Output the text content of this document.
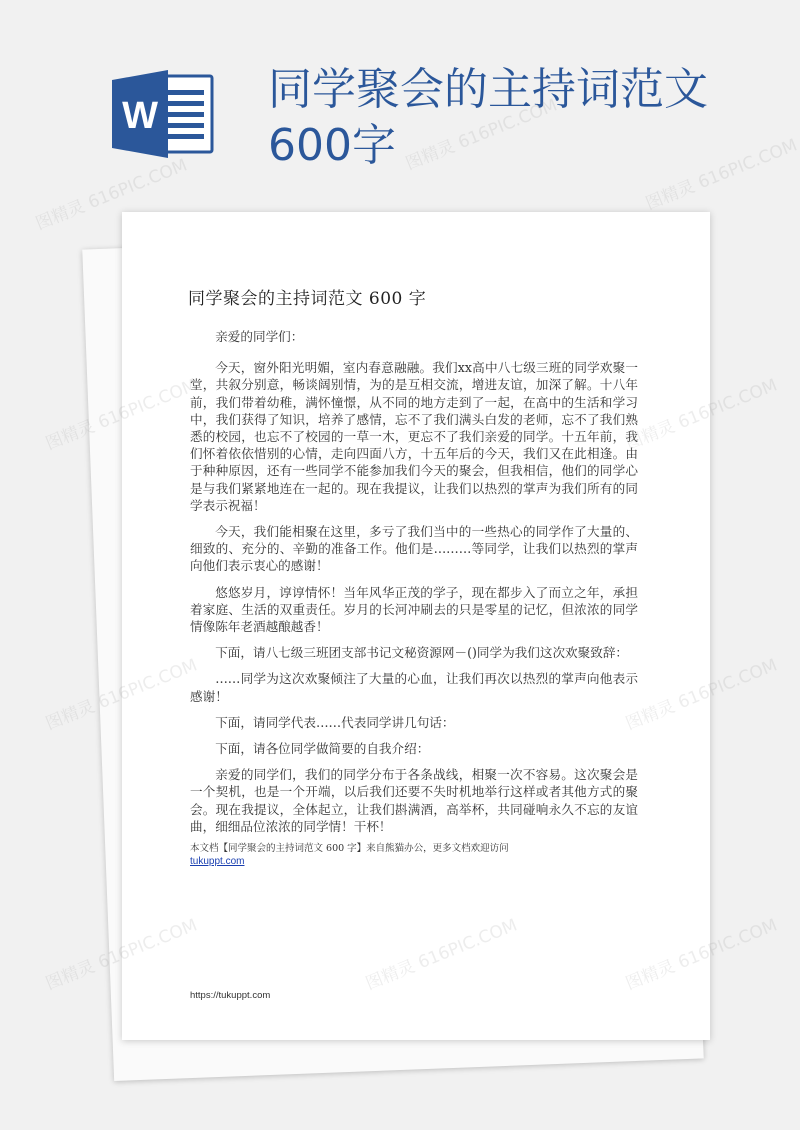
W
同学聚会的主持词范文
600字
同学聚会的主持词范文 600 字

亲爱的同学们：

今天，窗外阳光明媚，室内春意融融。我们xx高中八七级三班的同学欢聚一堂，共叙分别意，畅谈阔别情，为的是互相交流，增进友谊，加深了解。十八年前，我们带着幼稚，满怀憧憬，从不同的地方走到了一起，在高中的生活和学习中，我们获得了知识，培养了感情，忘不了我们满头白发的老师，忘不了我们熟悉的校园，也忘不了校园的一草一木，更忘不了我们亲爱的同学。十五年前，我们怀着依依惜别的心情，走向四面八方，十五年后的今天，我们又在此相逢。由于种种原因，还有一些同学不能参加我们今天的聚会，但我相信，他们的同学心是与我们紧紧地连在一起的。现在我提议，让我们以热烈的掌声为我们所有的同学表示祝福！

今天，我们能相聚在这里，多亏了我们当中的一些热心的同学作了大量的、细致的、充分的、辛勤的准备工作。他们是………等同学，让我们以热烈的掌声向他们表示衷心的感谢！

悠悠岁月，谆谆情怀！当年风华正茂的学子，现在都步入了而立之年，承担着家庭、生活的双重责任。岁月的长河冲刷去的只是零星的记忆，但浓浓的同学情像陈年老酒越酿越香！

下面，请八七级三班团支部书记文秘资源网－()同学为我们这次欢聚致辞：

……同学为这次欢聚倾注了大量的心血，让我们再次以热烈的掌声向他表示感谢！

下面，请同学代表……代表同学讲几句话：

下面，请各位同学做简要的自我介绍：

亲爱的同学们，我们的同学分布于各条战线，相聚一次不容易。这次聚会是一个契机，也是一个开端，以后我们还要不失时机地举行这样或者其他方式的聚会。现在我提议，全体起立，让我们斟满酒，高举杯，共同碰响永久不忘的友谊曲，细细品位浓浓的同学情！干杯！

本文档【同学聚会的主持词范文 600 字】来自熊猫办公，更多文档欢迎访问
tukuppt.com
https://tukuppt.com
图精灵 616PIC.COM
图精灵 616PIC.COM
图精灵 616PIC.COM
图精灵
616PIC.COM
图精灵
616PIC.COM
图精灵
616PIC.COM
